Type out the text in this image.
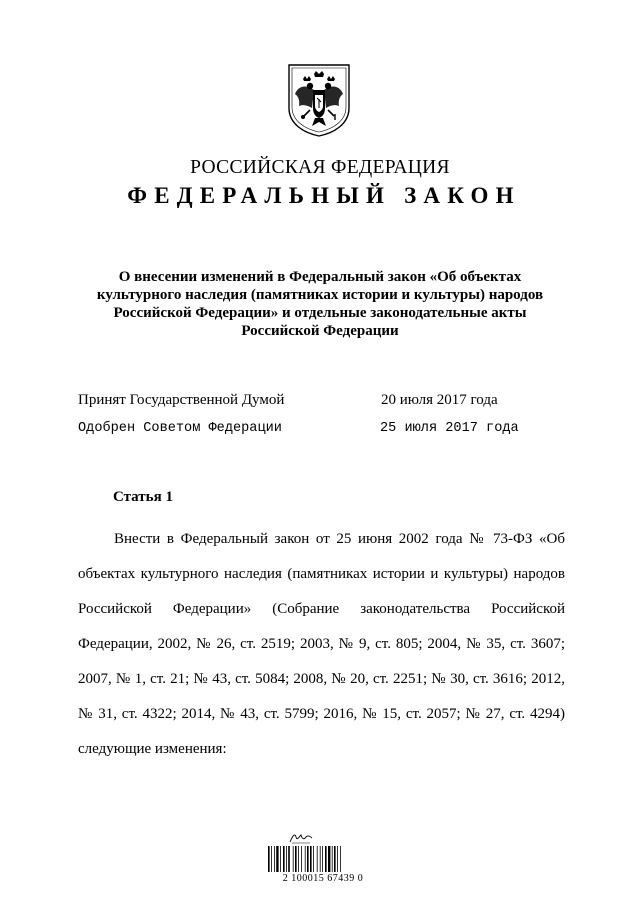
РОССИЙСКАЯ ФЕДЕРАЦИЯ
ФЕДЕРАЛЬНЫЙ ЗАКОН
О внесении изменений в Федеральный закон «Об объектах
культурного наследия (памятниках истории и культуры) народов
Российской Федерации» и отдельные законодательные акты
Российской Федерации
Принят Государственной Думой	20 июля 2017 года
Одобрен Советом Федерации	25 июля 2017 года
Статья 1
Внести в Федеральный закон от 25 июня 2002 года № 73-ФЗ «Об
объектах культурного наследия (памятниках истории и культуры) народов
Российской Федерации» (Собрание законодательства Российской
Федерации, 2002, № 26, ст. 2519; 2003, № 9, ст. 805; 2004, № 35, ст. 3607;
2007, № 1, ст. 21; № 43, ст. 5084; 2008, № 20, ст. 2251; № 30, ст. 3616; 2012,
№ 31, ст. 4322; 2014, № 43, ст. 5799; 2016, № 15, ст. 2057; № 27, ст. 4294)
следующие изменения:
2 100015 67439 0
